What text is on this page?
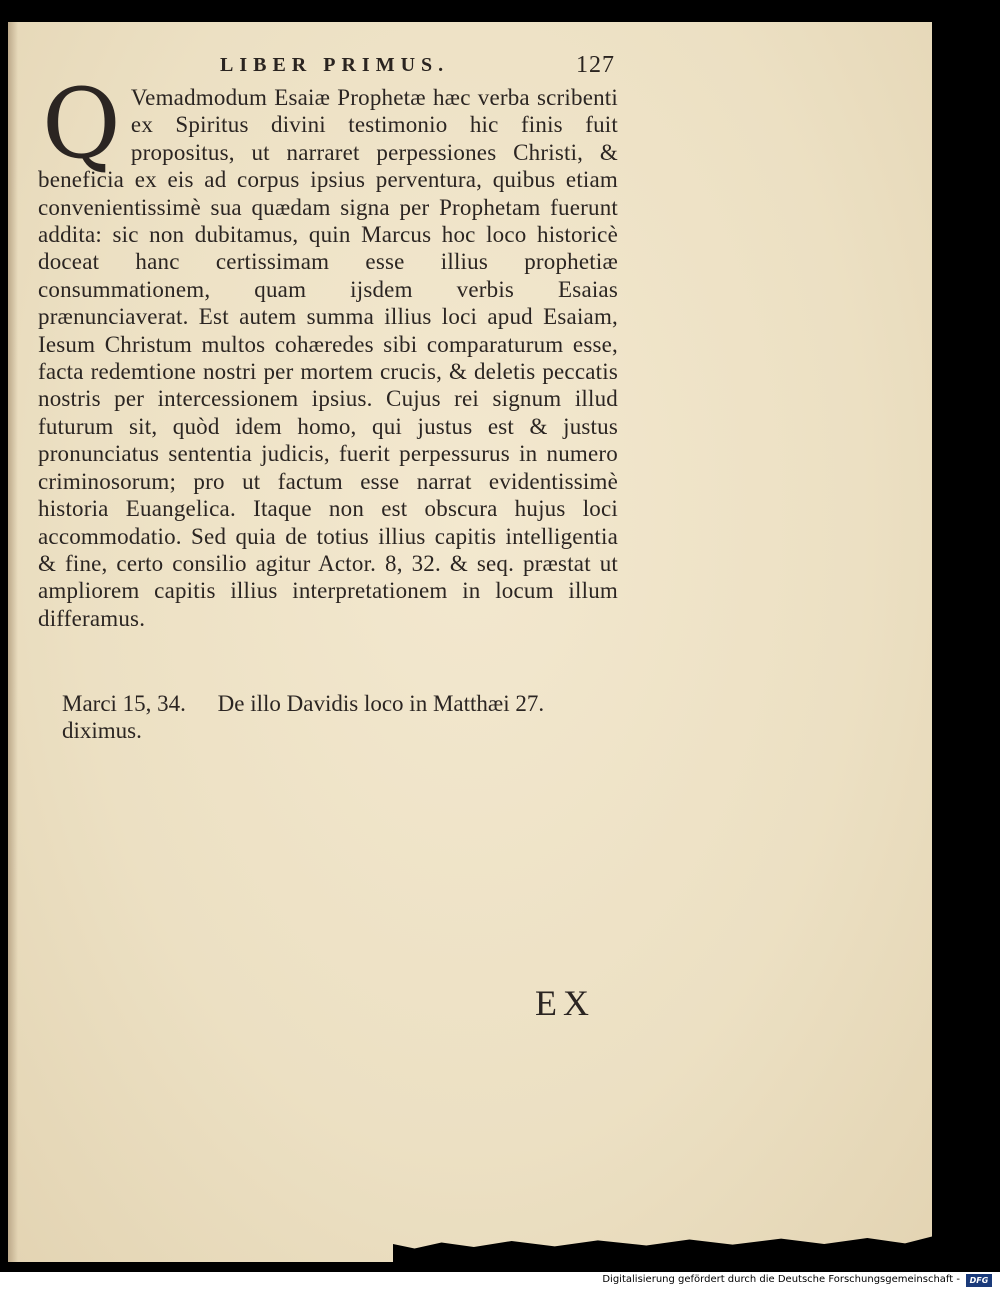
LIBER PRIMUS.	127
Q Vemadmodum Esaiæ Prophetæ hæc verba scribenti ex Spiritus divini testimonio hic finis fuit propositus, ut narraret perpessiones Christi, & beneficia ex eis ad corpus ipsius perventura, quibus etiam convenientissimè sua quædam signa per Prophetam fuerunt addita: sic non dubitamus, quin Marcus hoc loco historicè doceat hanc certissimam esse illius prophetiæ consummationem, quam ijsdem verbis Esaias prænunciaverat. Est autem summa illius loci apud Esaiam, Iesum Christum multos cohæredes sibi comparaturum esse, facta redemtione nostri per mortem crucis, & deletis peccatis nostris per intercessionem ipsius. Cujus rei signum illud futurum sit, quòd idem homo, qui justus est & justus pronunciatus sententia judicis, fuerit perpessurus in numero criminosorum; pro ut factum esse narrat evidentissimè historia Euangelica. Itaque non est obscura hujus loci accommodatio. Sed quia de totius illius capitis intelligentia & fine, certo consilio agitur Actor. 8, 32. & seq. præstat ut ampliorem capitis illius interpretationem in locum illum differamus.
Marci 15, 34. De illo Davidis loco in Matthæi 27. diximus.
EX
Digitalisierung gefördert durch die Deutsche Forschungsgemeinschaft -	DFG
